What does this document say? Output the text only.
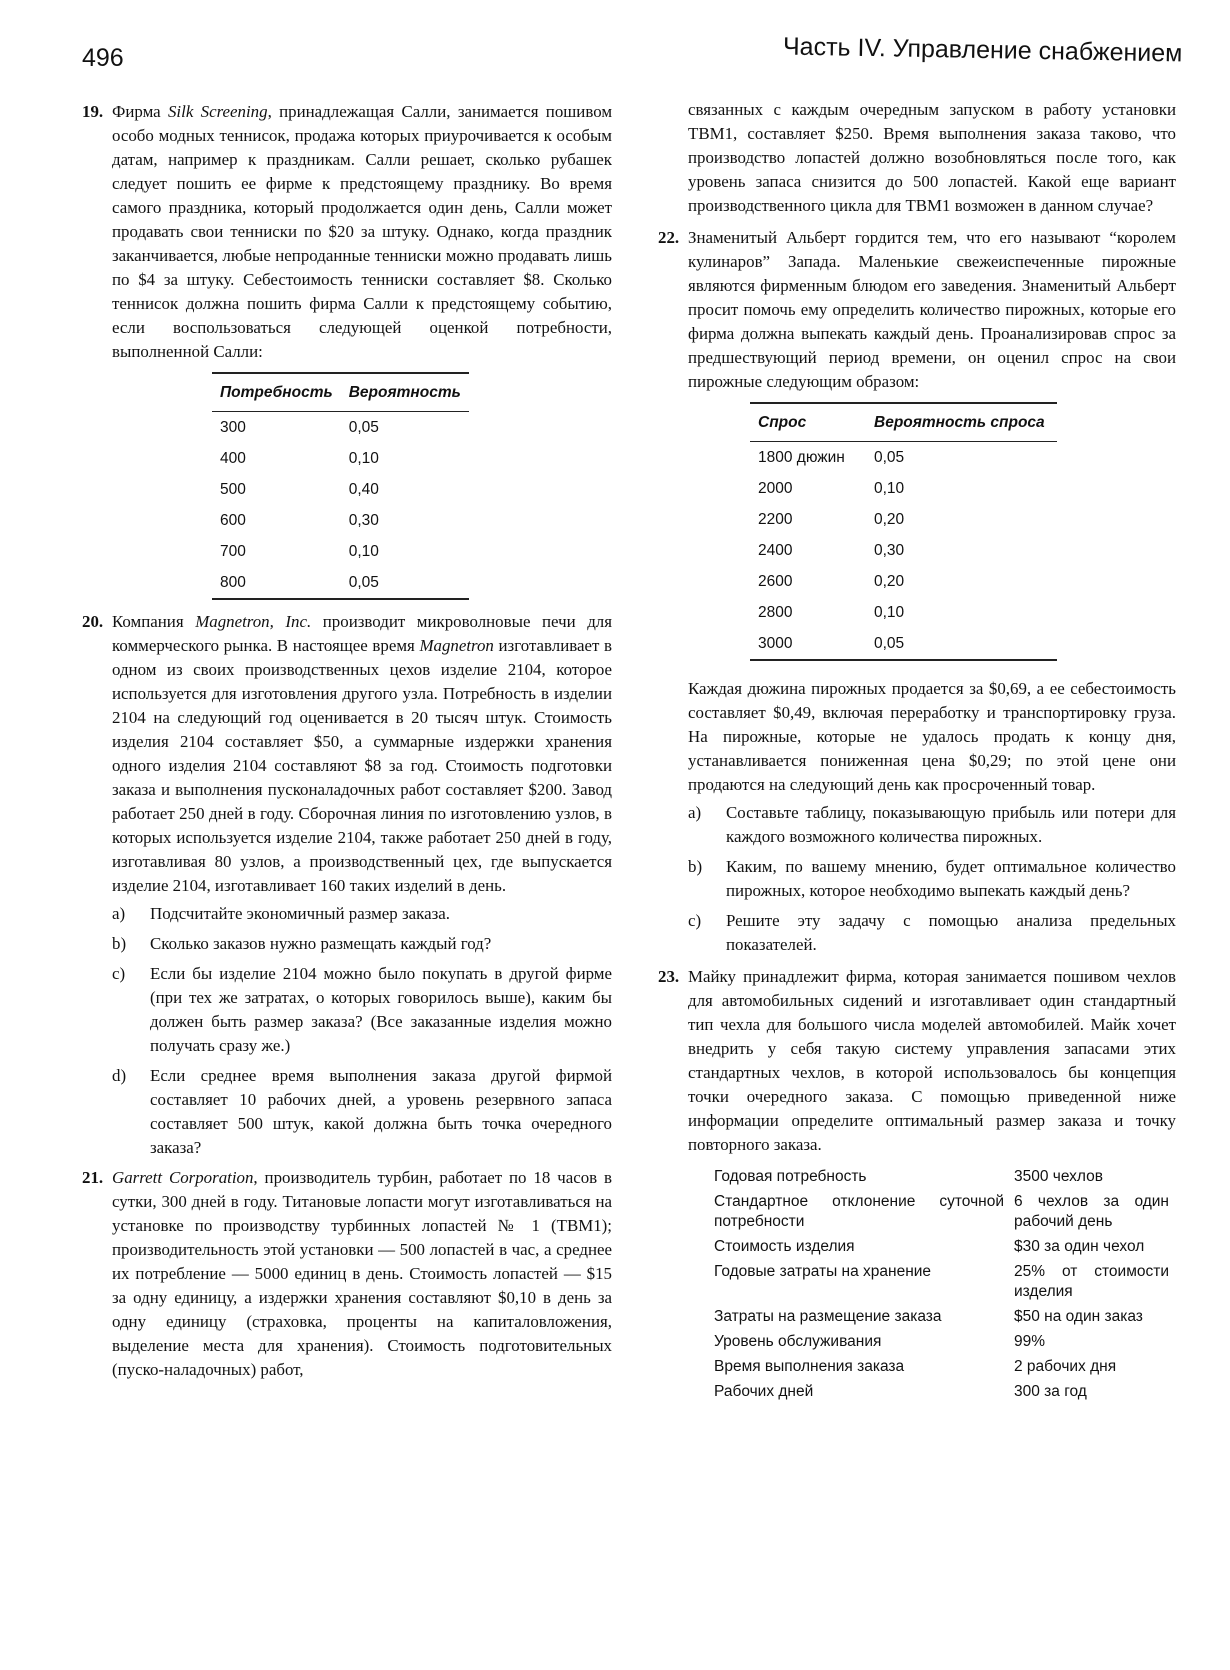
496	Часть IV. Управление снабжением

19. Фирма Silk Screening, принадлежащая Салли, занимается пошивом особо модных теннисок, продажа которых приурочивается к особым датам, например к праздникам. Салли решает, сколько рубашек следует пошить ее фирме к предстоящему празднику. Во время самого праздника, который продолжается один день, Салли может продавать свои тенниски по $20 за штуку. Однако, когда праздник заканчивается, любые непроданные тенниски можно продавать лишь по $4 за штуку. Себестоимость тенниски составляет $8. Сколько теннисок должна пошить фирма Салли к предстоящему событию, если воспользоваться следующей оценкой потребности, выполненной Салли:

Потребность	Вероятность
300	0,05
400	0,10
500	0,40
600	0,30
700	0,10
800	0,05

20. Компания Magnetron, Inc. производит микроволновые печи для коммерческого рынка. В настоящее время Magnetron изготавливает в одном из своих производственных цехов изделие 2104, которое используется для изготовления другого узла. Потребность в изделии 2104 на следующий год оценивается в 20 тысяч штук. Стоимость изделия 2104 составляет $50, а суммарные издержки хранения одного изделия 2104 составляют $8 за год. Стоимость подготовки заказа и выполнения пусконаладочных работ составляет $200. Завод работает 250 дней в году. Сборочная линия по изготовлению узлов, в которых используется изделие 2104, также работает 250 дней в году, изготавливая 80 узлов, а производственный цех, где выпускается изделие 2104, изготавливает 160 таких изделий в день.

a) Подсчитайте экономичный размер заказа.
b) Сколько заказов нужно размещать каждый год?
c) Если бы изделие 2104 можно было покупать в другой фирме (при тех же затратах, о которых говорилось выше), каким бы должен быть размер заказа? (Все заказанные изделия можно получать сразу же.)
d) Если среднее время выполнения заказа другой фирмой составляет 10 рабочих дней, а уровень резервного запаса составляет 500 штук, какой должна быть точка очередного заказа?

21. Garrett Corporation, производитель турбин, работает по 18 часов в сутки, 300 дней в году. Титановые лопасти могут изготавливаться на установке по производству турбинных лопастей № 1 (ТВМ1); производительность этой установки — 500 лопастей в час, а среднее их потребление — 5000 единиц в день. Стоимость лопастей — $15 за одну единицу, а издержки хранения составляют $0,10 в день за одну единицу (страховка, проценты на капиталовложения, выделение места для хранения). Стоимость подготовительных (пуско-наладочных) работ,

связанных с каждым очередным запуском в работу установки ТВМ1, составляет $250. Время выполнения заказа таково, что производство лопастей должно возобновляться после того, как уровень запаса снизится до 500 лопастей. Какой еще вариант производственного цикла для ТВМ1 возможен в данном случае?

22. Знаменитый Альберт гордится тем, что его называют “королем кулинаров” Запада. Маленькие свежеиспеченные пирожные являются фирменным блюдом его заведения. Знаменитый Альберт просит помочь ему определить количество пирожных, которые его фирма должна выпекать каждый день. Проанализировав спрос за предшествующий период времени, он оценил спрос на свои пирожные следующим образом:

Спрос	Вероятность спроса
1800 дюжин	0,05
2000	0,10
2200	0,20
2400	0,30
2600	0,20
2800	0,10
3000	0,05

Каждая дюжина пирожных продается за $0,69, а ее себестоимость составляет $0,49, включая переработку и транспортировку груза. На пирожные, которые не удалось продать к концу дня, устанавливается пониженная цена $0,29; по этой цене они продаются на следующий день как просроченный товар.

a) Составьте таблицу, показывающую прибыль или потери для каждого возможного количества пирожных.
b) Каким, по вашему мнению, будет оптимальное количество пирожных, которое необходимо выпекать каждый день?
c) Решите эту задачу с помощью анализа предельных показателей.

23. Майку принадлежит фирма, которая занимается пошивом чехлов для автомобильных сидений и изготавливает один стандартный тип чехла для большого числа моделей автомобилей. Майк хочет внедрить у себя такую систему управления запасами этих стандартных чехлов, в которой использовалось бы концепция точки очередного заказа. С помощью приведенной ниже информации определите оптимальный размер заказа и точку повторного заказа.

Годовая потребность	3500 чехлов
Стандартное отклонение суточной потребности	6 чехлов за один рабочий день
Стоимость изделия	$30 за один чехол
Годовые затраты на хранение	25% от стоимости изделия
Затраты на размещение заказа	$50 на один заказ
Уровень обслуживания	99%
Время выполнения заказа	2 рабочих дня
Рабочих дней	300 за год
